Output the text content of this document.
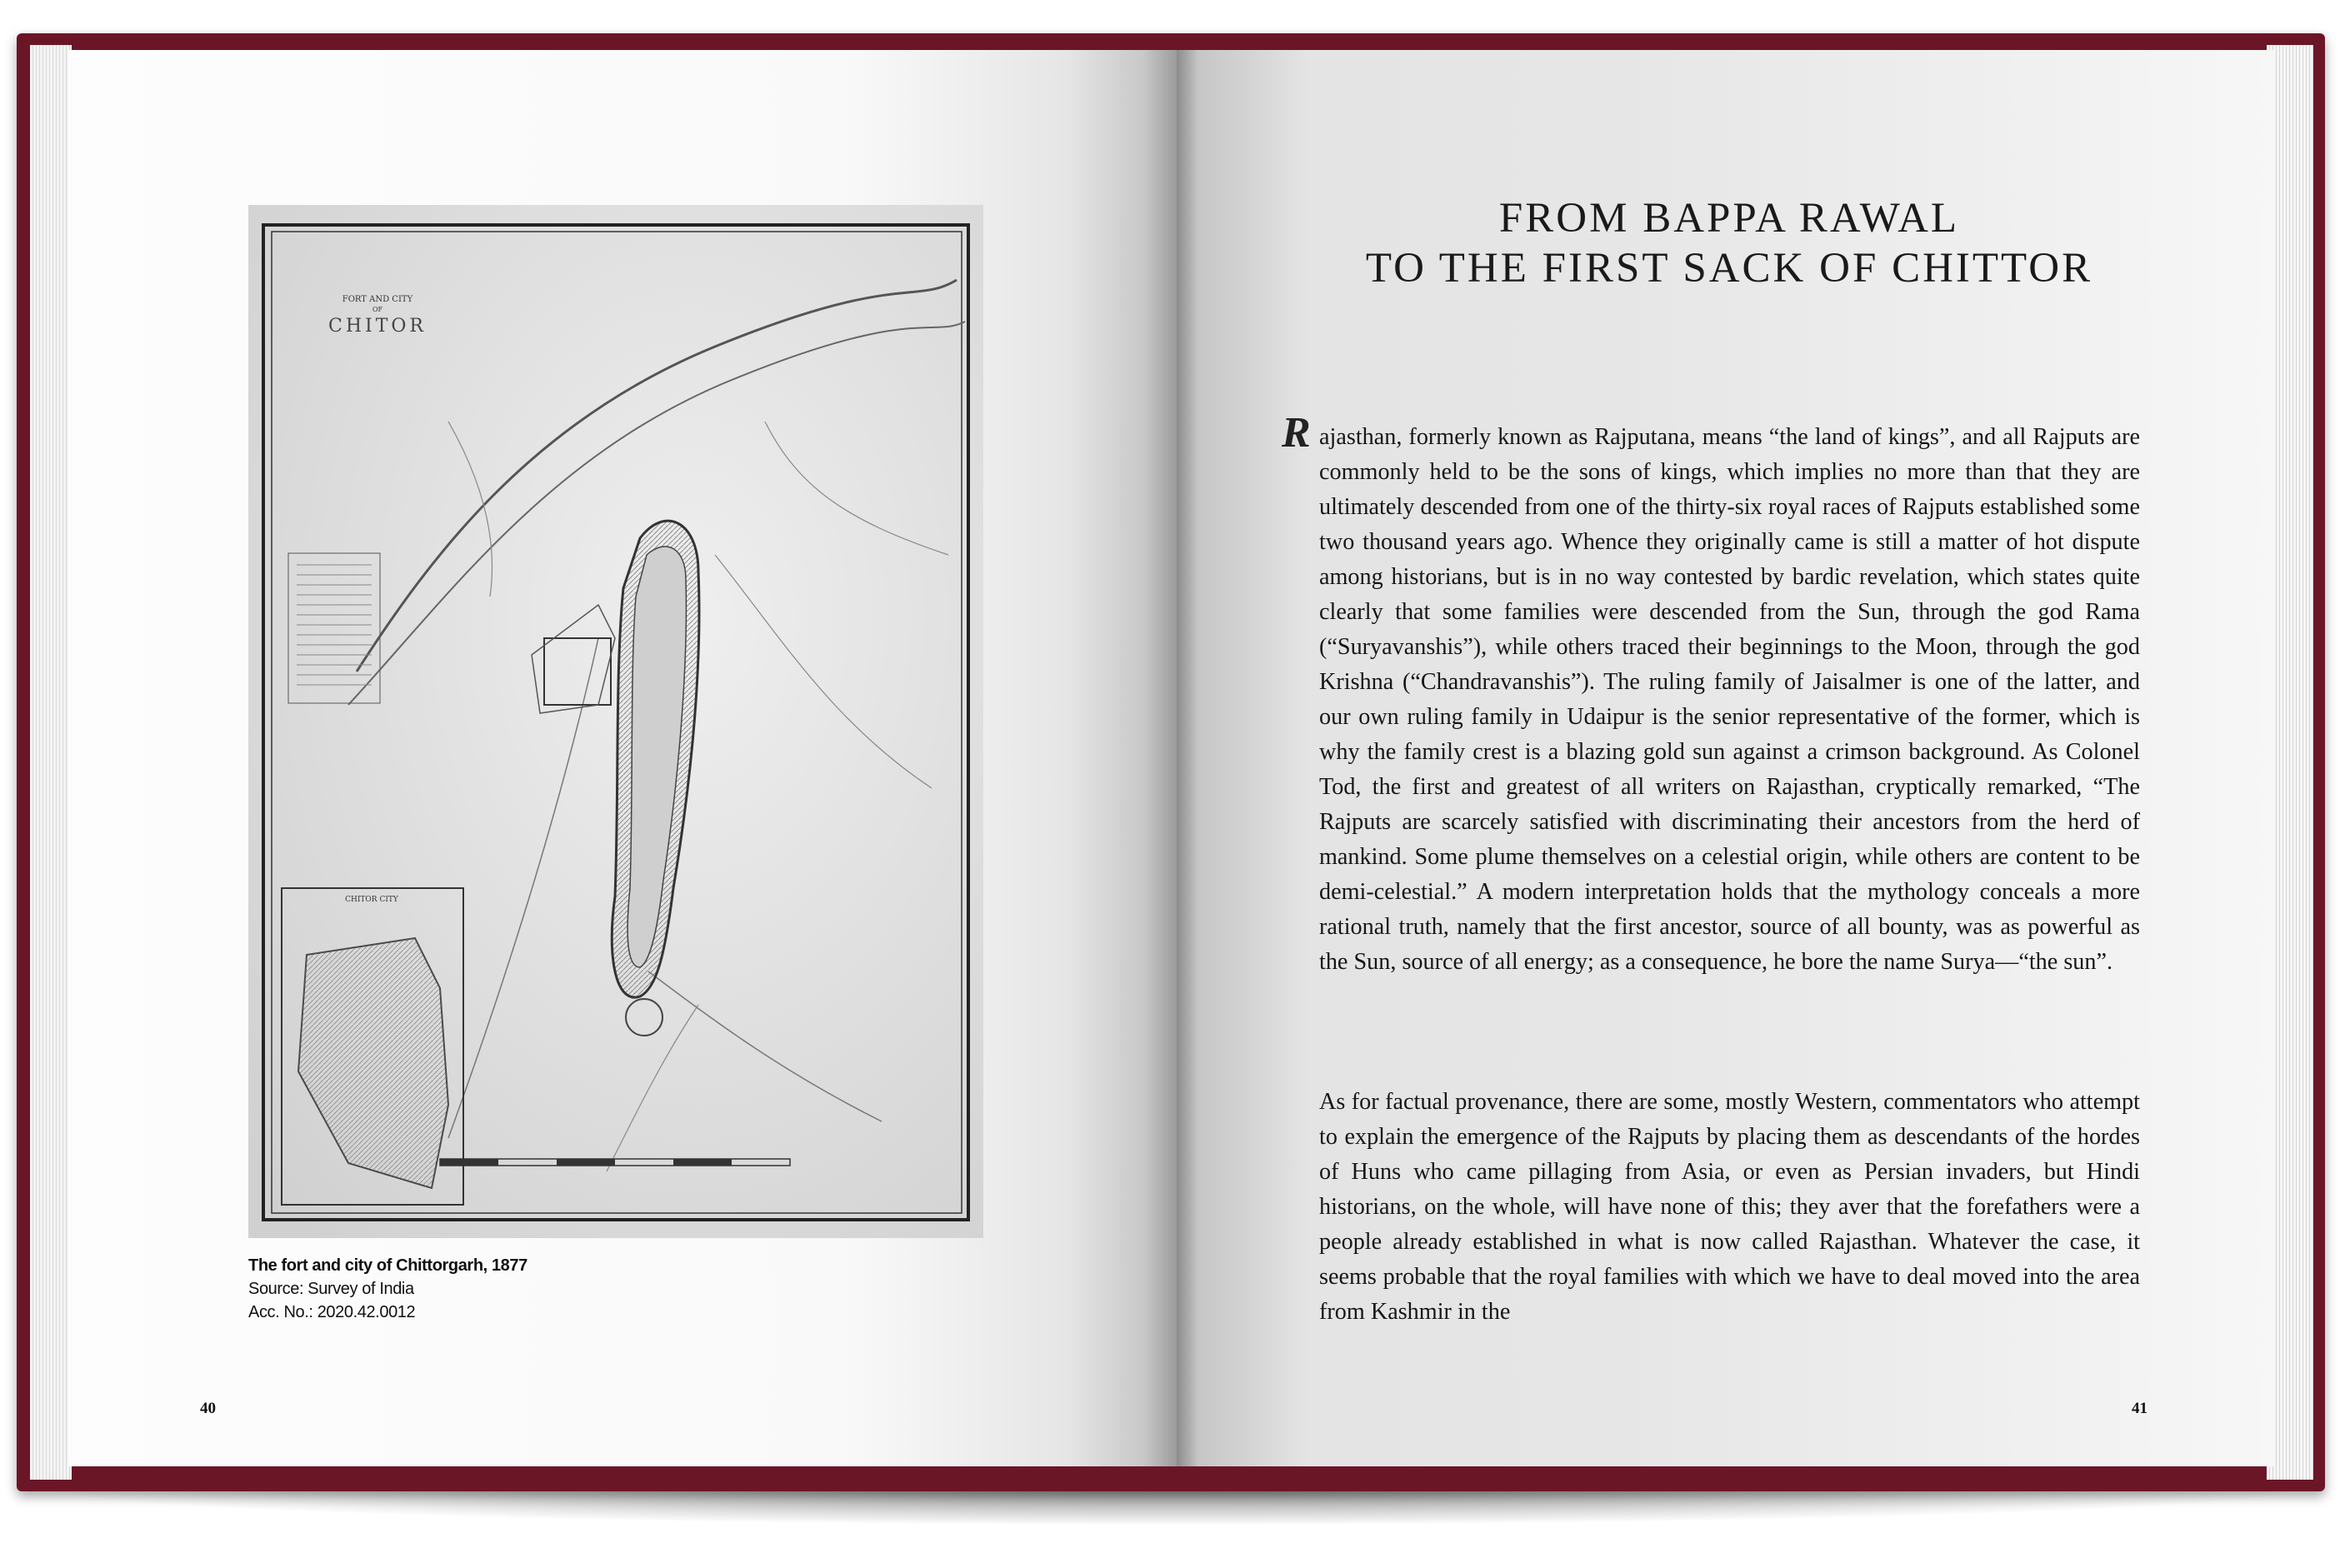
FORT AND CITY
OF
CHITOR
CHITOR CITY
The fort and city of Chittorgarh, 1877
Source: Survey of India
Acc. No.: 2020.42.0012
40
FROM BAPPA RAWAL
TO THE FIRST SACK OF CHITTOR
R ajasthan, formerly known as Rajputana, means “the land of kings”, and all Rajputs are commonly held to be the sons of kings, which implies no more than that they are ultimately descended from one of the thirty-six royal races of Rajputs established some two thousand years ago. Whence they originally came is still a matter of hot dispute among historians, but is in no way contested by bardic revelation, which states quite clearly that some families were descended from the Sun, through the god Rama (“Suryavanshis”), while others traced their beginnings to the Moon, through the god Krishna (“Chandravanshis”). The ruling family of Jaisalmer is one of the latter, and our own ruling family in Udaipur is the senior representative of the former, which is why the family crest is a blazing gold sun against a crimson background. As Colonel Tod, the first and greatest of all writers on Rajasthan, cryptically remarked, “The Rajputs are scarcely satisfied with discriminating their ancestors from the herd of mankind. Some plume themselves on a celestial origin, while others are content to be demi-celestial.” A modern interpretation holds that the mythology conceals a more rational truth, namely that the first ancestor, source of all bounty, was as powerful as the Sun, source of all energy; as a consequence, he bore the name Surya—“the sun”.
As for factual provenance, there are some, mostly Western, commentators who attempt to explain the emergence of the Rajputs by placing them as descendants of the hordes of Huns who came pillaging from Asia, or even as Persian invaders, but Hindi historians, on the whole, will have none of this; they aver that the forefathers were a people already established in what is now called Rajasthan. Whatever the case, it seems probable that the royal families with which we have to deal moved into the area from Kashmir in the
41
